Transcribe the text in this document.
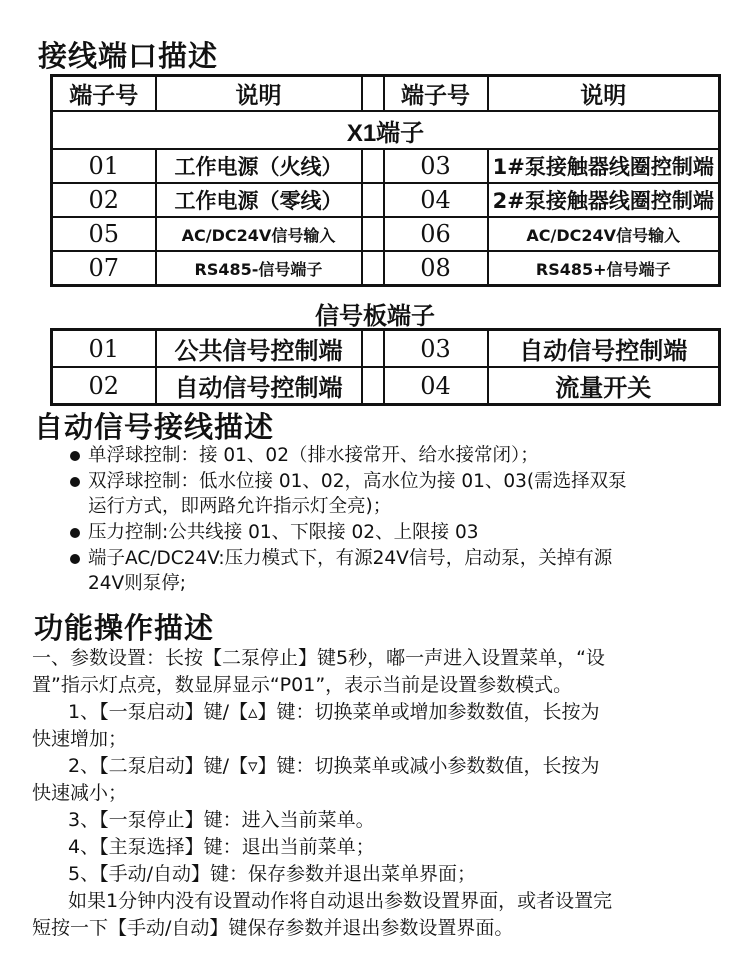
接线端口描述
端子号	说明		端子号	说明
X1端子				
01	工作电源（火线）		03	1#泵接触器线圈控制端
02	工作电源（零线）		04	2#泵接触器线圈控制端
05	AC/DC24V信号输入		06	AC/DC24V信号输入
07	RS485-信号端子		08	RS485+信号端子
信号板端子
01	公共信号控制端		03	自动信号控制端
02	自动信号控制端		04	流量开关
自动信号接线描述
单浮球控制：接 01、02（排水接常开、给水接常闭）；
双浮球控制：低水位接 01、02，高水位为接 01、03(需选择双泵
运行方式，即两路允许指示灯全亮)；
压力控制:公共线接 01、下限接 02、上限接 03
端子AC/DC24V:压力模式下，有源24V信号，启动泵，关掉有源
24V则泵停;
功能操作描述
一、参数设置：长按【二泵停止】键5秒，嘟一声进入设置菜单，“设
置”指示灯点亮，数显屏显示“P01”，表示当前是设置参数模式。
1、【一泵启动】键/【▵】键：切换菜单或增加参数数值，长按为
快速增加；
2、【二泵启动】键/【▿】键：切换菜单或减小参数数值，长按为
快速减小；
3、【一泵停止】键：进入当前菜单。
4、【主泵选择】键：退出当前菜单；
5、【手动/自动】键：保存参数并退出菜单界面；
如果1分钟内没有设置动作将自动退出参数设置界面，或者设置完
短按一下【手动/自动】键保存参数并退出参数设置界面。
